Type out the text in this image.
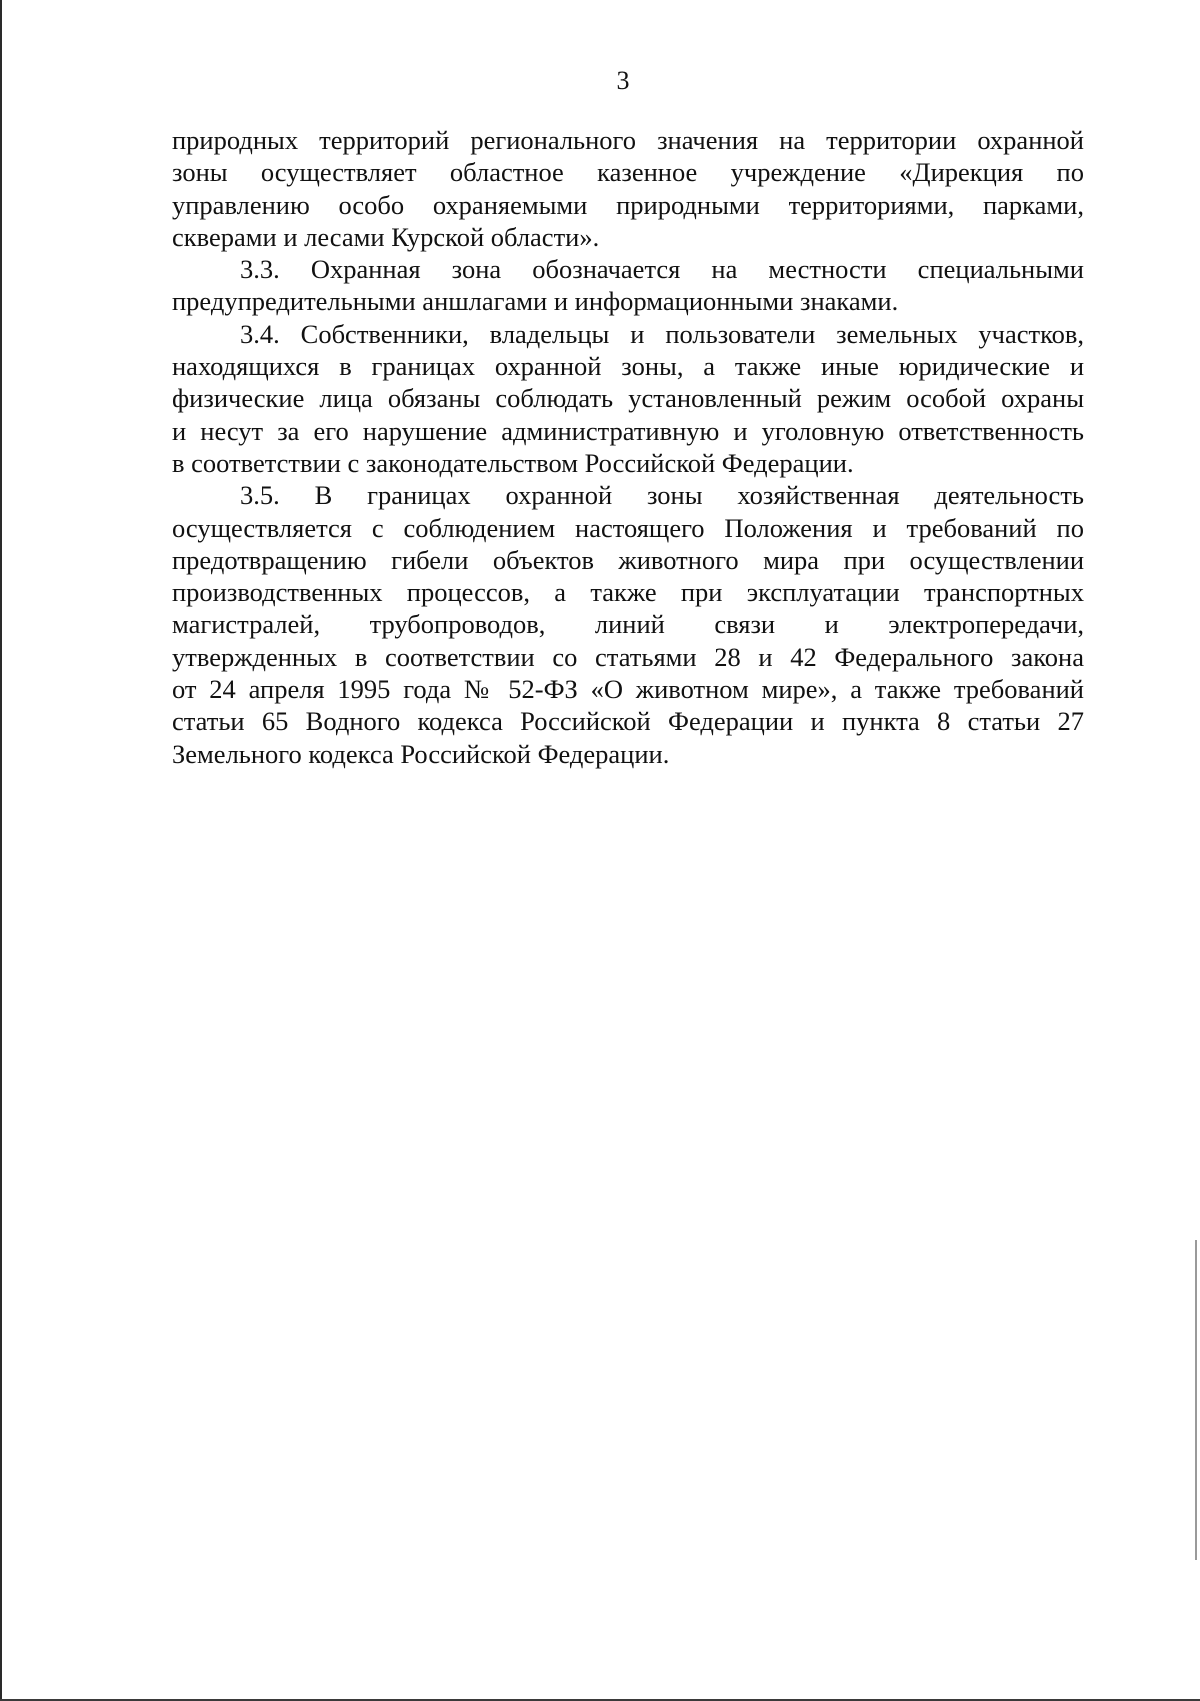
3
природных территорий регионального значения на территории охранной
зоны осуществляет областное казенное учреждение «Дирекция по
управлению особо охраняемыми природными территориями, парками,
скверами и лесами Курской области».
3.3. Охранная зона обозначается на местности специальными
предупредительными аншлагами и информационными знаками.
3.4. Собственники, владельцы и пользователи земельных участков,
находящихся в границах охранной зоны, а также иные юридические и
физические лица обязаны соблюдать установленный режим особой охраны
и несут за его нарушение административную и уголовную ответственность
в соответствии с законодательством Российской Федерации.
3.5. В границах охранной зоны хозяйственная деятельность
осуществляется с соблюдением настоящего Положения и требований по
предотвращению гибели объектов животного мира при осуществлении
производственных процессов, а также при эксплуатации транспортных
магистралей, трубопроводов, линий связи и электропередачи,
утвержденных в соответствии со статьями 28 и 42 Федерального закона
от 24 апреля 1995 года № 52-ФЗ «О животном мире», а также требований
статьи 65 Водного кодекса Российской Федерации и пункта 8 статьи 27
Земельного кодекса Российской Федерации.
